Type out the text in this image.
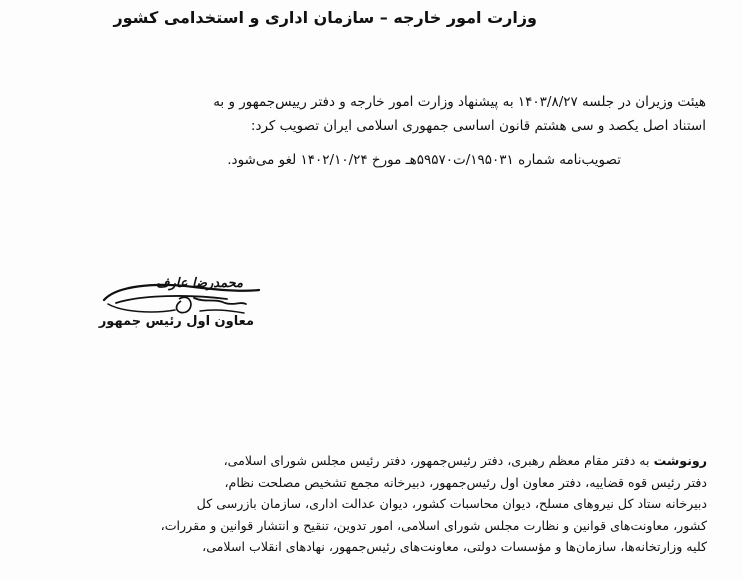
وزارت امور خارجه – سازمان اداری و استخدامی کشور
هیئت وزیران در جلسه ۱۴۰۳/۸/۲۷ به پیشنهاد وزارت امور خارجه و دفتر رییس‌جمهور و به
استناد اصل یکصد و سی هشتم قانون اساسی جمهوری اسلامی ایران تصویب کرد:
تصویب‌نامه شماره ۱۹۵۰۳۱/ت۵۹۵۷۰هـ مورخ ۱۴۰۲/۱۰/۲۴ لغو می‌شود.
محمدرضا عارف
معاون اول رئیس جمهور
رونوشت به دفتر مقام معظم رهبری، دفتر رئیس‌جمهور، دفتر رئیس مجلس شورای اسلامی،
دفتر رئیس قوه قضاییه، دفتر معاون اول رئیس‌جمهور، دبیرخانه مجمع تشخیص مصلحت نظام،
دبیرخانه ستاد کل نیروهای مسلح، دیوان محاسبات کشور، دیوان عدالت اداری، سازمان بازرسی کل
کشور، معاونت‌های قوانین و نظارت مجلس شورای اسلامی، امور تدوین، تنقیح و انتشار قوانین و مقررات،
کلیه وزارتخانه‌ها، سازمان‌ها و مؤسسات دولتی، معاونت‌های رئیس‌جمهور، نهادهای انقلاب اسلامی،
